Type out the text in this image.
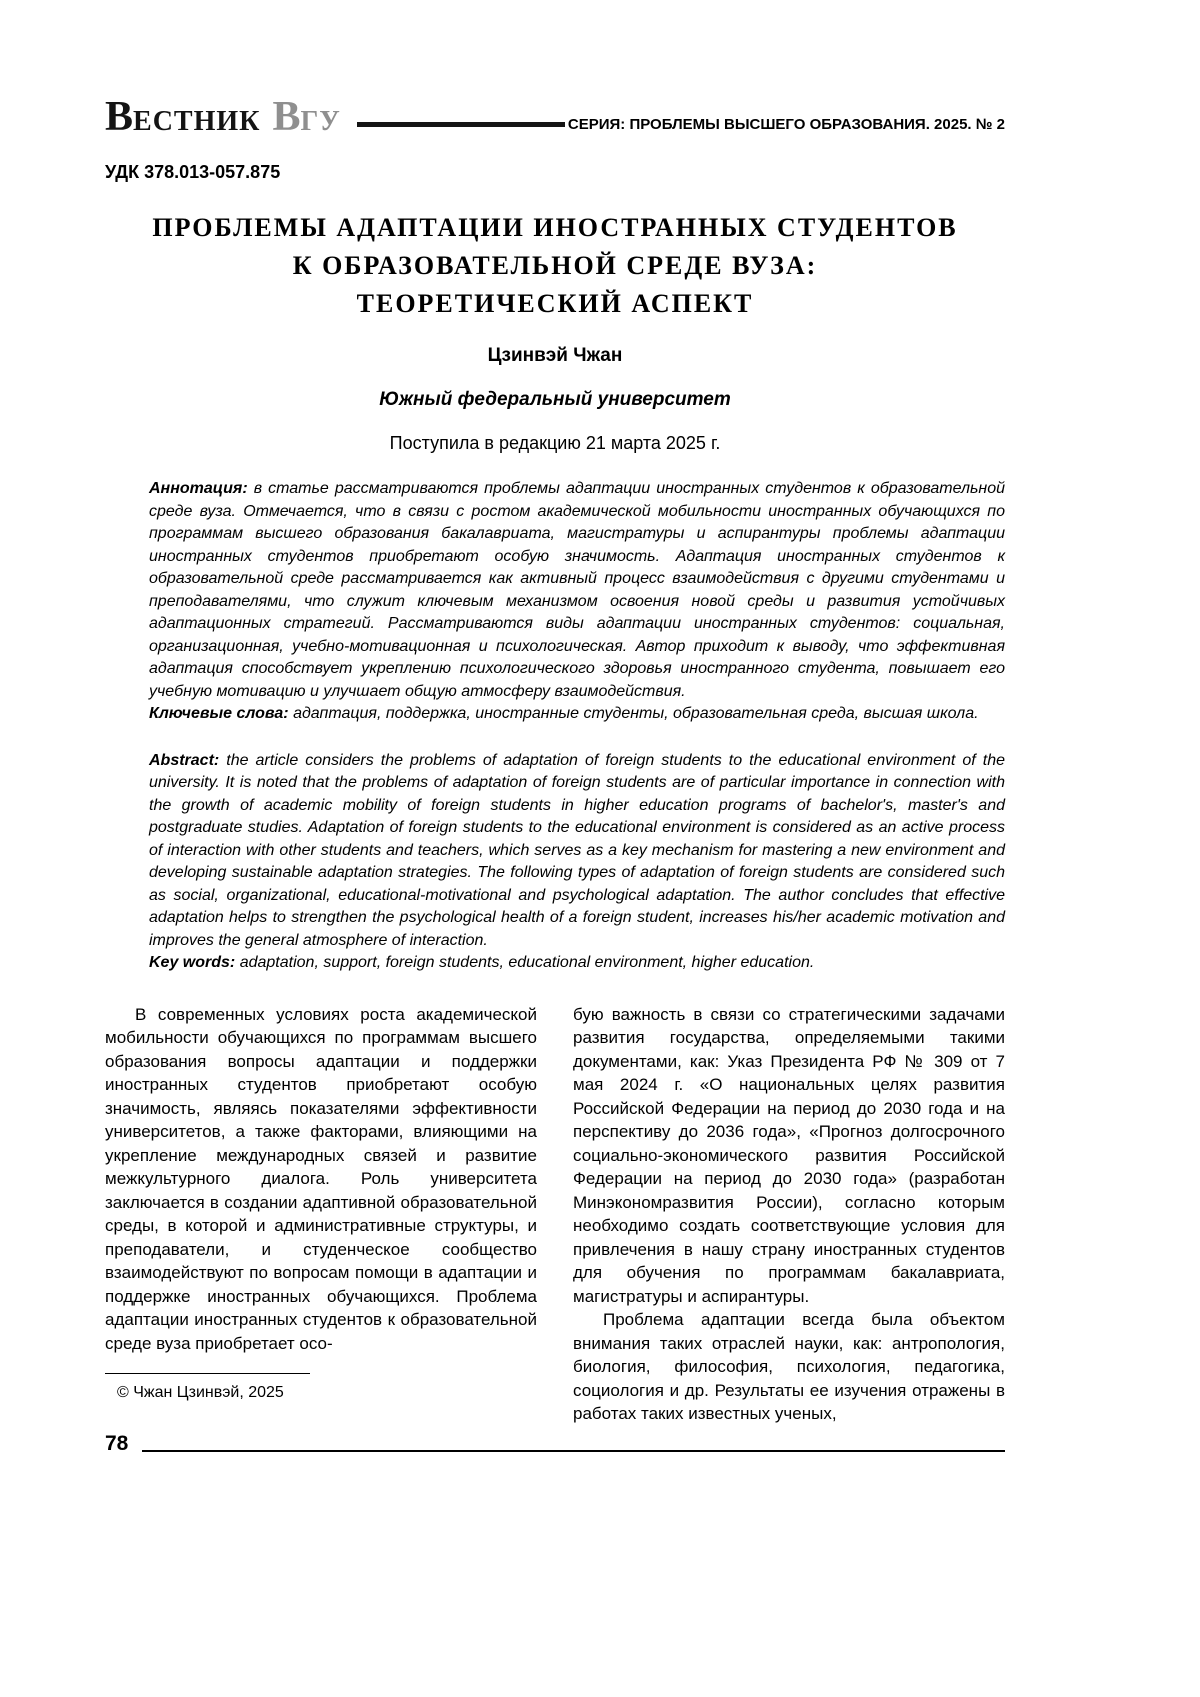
ВЕСТНИК ВГУ	СЕРИЯ: ПРОБЛЕМЫ ВЫСШЕГО ОБРАЗОВАНИЯ. 2025. № 2
УДК 378.013-057.875
ПРОБЛЕМЫ АДАПТАЦИИ ИНОСТРАННЫХ СТУДЕНТОВ
К ОБРАЗОВАТЕЛЬНОЙ СРЕДЕ ВУЗА:
ТЕОРЕТИЧЕСКИЙ АСПЕКТ
Цзинвэй Чжан
Южный федеральный университет
Поступила в редакцию 21 марта 2025 г.

Аннотация: в статье рассматриваются проблемы адаптации иностранных студентов к образовательной среде вуза. Отмечается, что в связи с ростом академической мобильности иностранных обучающихся по программам высшего образования бакалавриата, магистратуры и аспирантуры проблемы адаптации иностранных студентов приобретают особую значимость. Адаптация иностранных студентов к образовательной среде рассматривается как активный процесс взаимодействия с другими студентами и преподавателями, что служит ключевым механизмом освоения новой среды и развития устойчивых адаптационных стратегий. Рассматриваются виды адаптации иностранных студентов: социальная, организационная, учебно-мотивационная и психологическая. Автор приходит к выводу, что эффективная адаптация способствует укреплению психологического здоровья иностранного студента, повышает его учебную мотивацию и улучшает общую атмосферу взаимодействия.

Ключевые слова: адаптация, поддержка, иностранные студенты, образовательная среда, высшая школа.

Abstract: the article considers the problems of adaptation of foreign students to the educational environment of the university. It is noted that the problems of adaptation of foreign students are of particular importance in connection with the growth of academic mobility of foreign students in higher education programs of bachelor's, master's and postgraduate studies. Adaptation of foreign students to the educational environment is considered as an active process of interaction with other students and teachers, which serves as a key mechanism for mastering a new environment and developing sustainable adaptation strategies. The following types of adaptation of foreign students are considered such as social, organizational, educational-motivational and psychological adaptation. The author concludes that effective adaptation helps to strengthen the psychological health of a foreign student, increases his/her academic motivation and improves the general atmosphere of interaction.

Key words: adaptation, support, foreign students, educational environment, higher education.

В современных условиях роста академической мобильности обучающихся по программам высшего образования вопросы адаптации и поддержки иностранных студентов приобретают особую значимость, являясь показателями эффективности университетов, а также факторами, влияющими на укрепление международных связей и развитие межкультурного диалога. Роль университета заключается в создании адаптивной образовательной среды, в которой и административные структуры, и преподаватели, и студенческое сообщество взаимодействуют по вопросам помощи в адаптации и поддержке иностранных обучающихся. Проблема адаптации иностранных студентов к образовательной среде вуза приобретает осо-

© Чжан Цзинвэй, 2025

бую важность в связи со стратегическими задачами развития государства, определяемыми такими документами, как: Указ Президента РФ № 309 от 7 мая 2024 г. «О национальных целях развития Российской Федерации на период до 2030 года и на перспективу до 2036 года», «Прогноз долгосрочного социально-экономического развития Российской Федерации на период до 2030 года» (разработан Минэкономразвития России), согласно которым необходимо создать соответствующие условия для привлечения в нашу страну иностранных студентов для обучения по программам бакалавриата, магистратуры и аспирантуры.

Проблема адаптации всегда была объектом внимания таких отраслей науки, как: антропология, биология, философия, психология, педагогика, социология и др. Результаты ее изучения отражены в работах таких известных ученых,

78
